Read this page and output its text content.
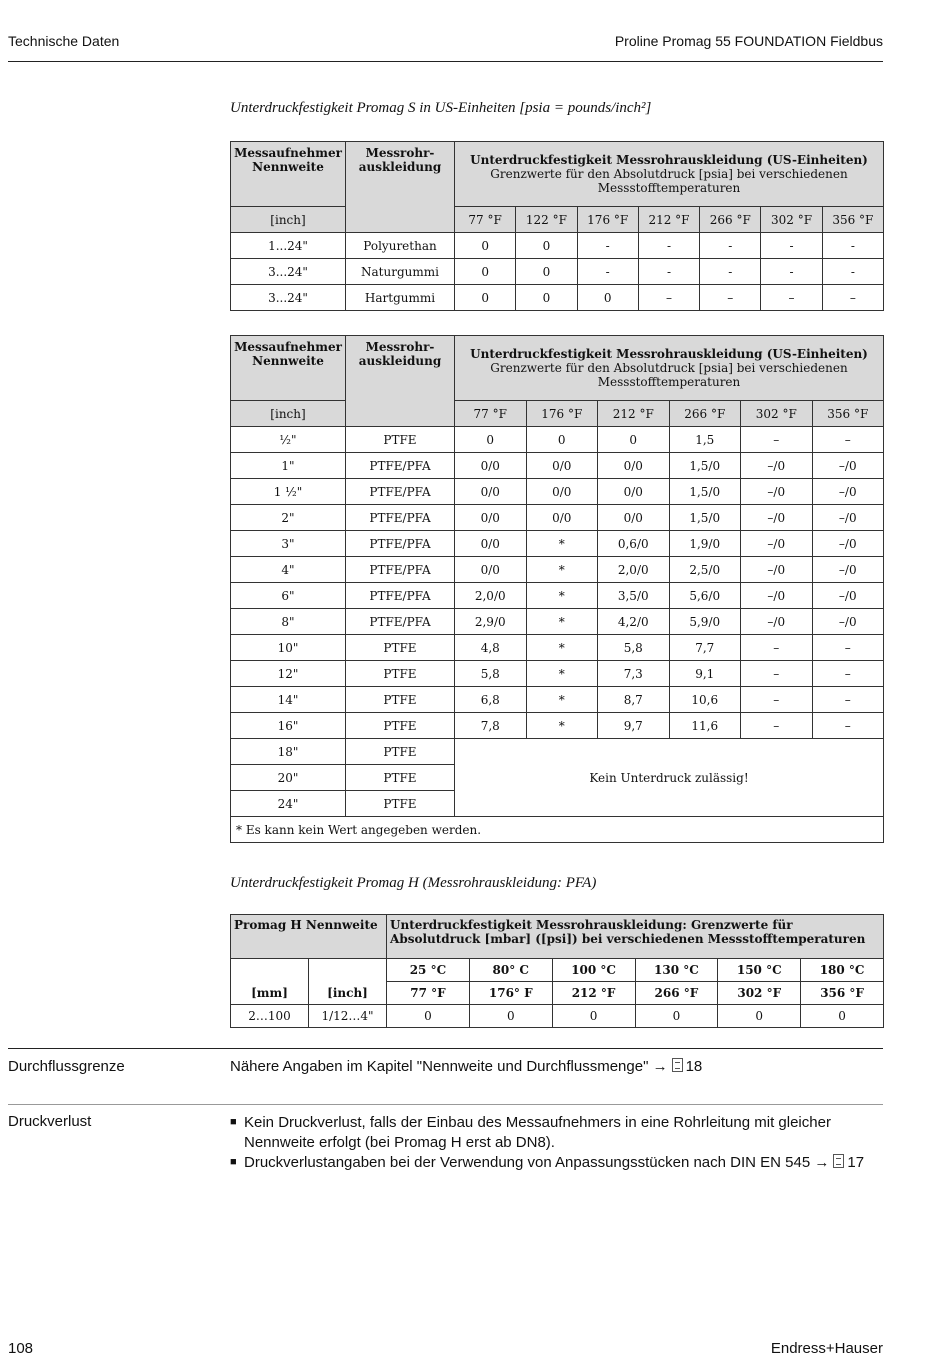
Technische Daten	Proline Promag 55 FOUNDATION Fieldbus
Unterdruckfestigkeit Promag S in US-Einheiten [psia = pounds/inch²]
Messaufnehmer Nennweite	Messrohr-auskleidung	Unterdruckfestigkeit Messrohrauskleidung (US-Einheiten)
Grenzwerte für den Absolutdruck [psia] bei verschiedenen Messstofftemperaturen						

[inch]		77 °F	122 °F	176 °F	212 °F	266 °F	302 °F	356 °F
1...24"	Polyurethan	0	0	-	-	-	-	-
3...24"	Naturgummi	0	0	-	-	-	-	-
3...24"	Hartgummi	0	0	0	–	–	–	–
Messaufnehmer Nennweite	Messrohr-auskleidung	Unterdruckfestigkeit Messrohrauskleidung (US-Einheiten)
Grenzwerte für den Absolutdruck [psia] bei verschiedenen Messstofftemperaturen					

[inch]		77 °F	176 °F	212 °F	266 °F	302 °F	356 °F
½"	PTFE	0	0	0	1,5	–	–
1"	PTFE/PFA	0/0	0/0	0/0	1,5/0	–/0	–/0
1 ½"	PTFE/PFA	0/0	0/0	0/0	1,5/0	–/0	–/0
2"	PTFE/PFA	0/0	0/0	0/0	1,5/0	–/0	–/0
3"	PTFE/PFA	0/0	*	0,6/0	1,9/0	–/0	–/0
4"	PTFE/PFA	0/0	*	2,0/0	2,5/0	–/0	–/0
6"	PTFE/PFA	2,0/0	*	3,5/0	5,6/0	–/0	–/0
8"	PTFE/PFA	2,9/0	*	4,2/0	5,9/0	–/0	–/0
10"	PTFE	4,8	*	5,8	7,7	–	–
12"	PTFE	5,8	*	7,3	9,1	–	–
14"	PTFE	6,8	*	8,7	10,6	–	–
16"	PTFE	7,8	*	9,7	11,6	–	–
18"	PTFE	Kein Unterdruck zulässig!					
20"	PTFE						
24"	PTFE						
* Es kann kein Wert angegeben werden.							
Unterdruckfestigkeit Promag H (Messrohrauskleidung: PFA)
Promag H Nennweite		Unterdruckfestigkeit Messrohrauskleidung: Grenzwerte für Absolutdruck [mbar] ([psi]) bei verschiedenen Messstofftemperaturen					
[mm]	[inch]	25 °C	80° C	100 °C	130 °C	150 °C	180 °C
		77 °F	176° F	212 °F	266 °F	302 °F	356 °F
2…100	1/12…4"	0	0	0	0	0	0
Durchflussgrenze	Nähere Angaben im Kapitel "Nennweite und Durchflussmenge" → 18
Druckverlust	■ Kein Druckverlust, falls der Einbau des Messaufnehmers in eine Rohrleitung mit gleicher Nennweite erfolgt (bei Promag H erst ab DN8).
■ Druckverlustangaben bei der Verwendung von Anpassungsstücken nach DIN EN 545 → 17
108	Endress+Hauser
